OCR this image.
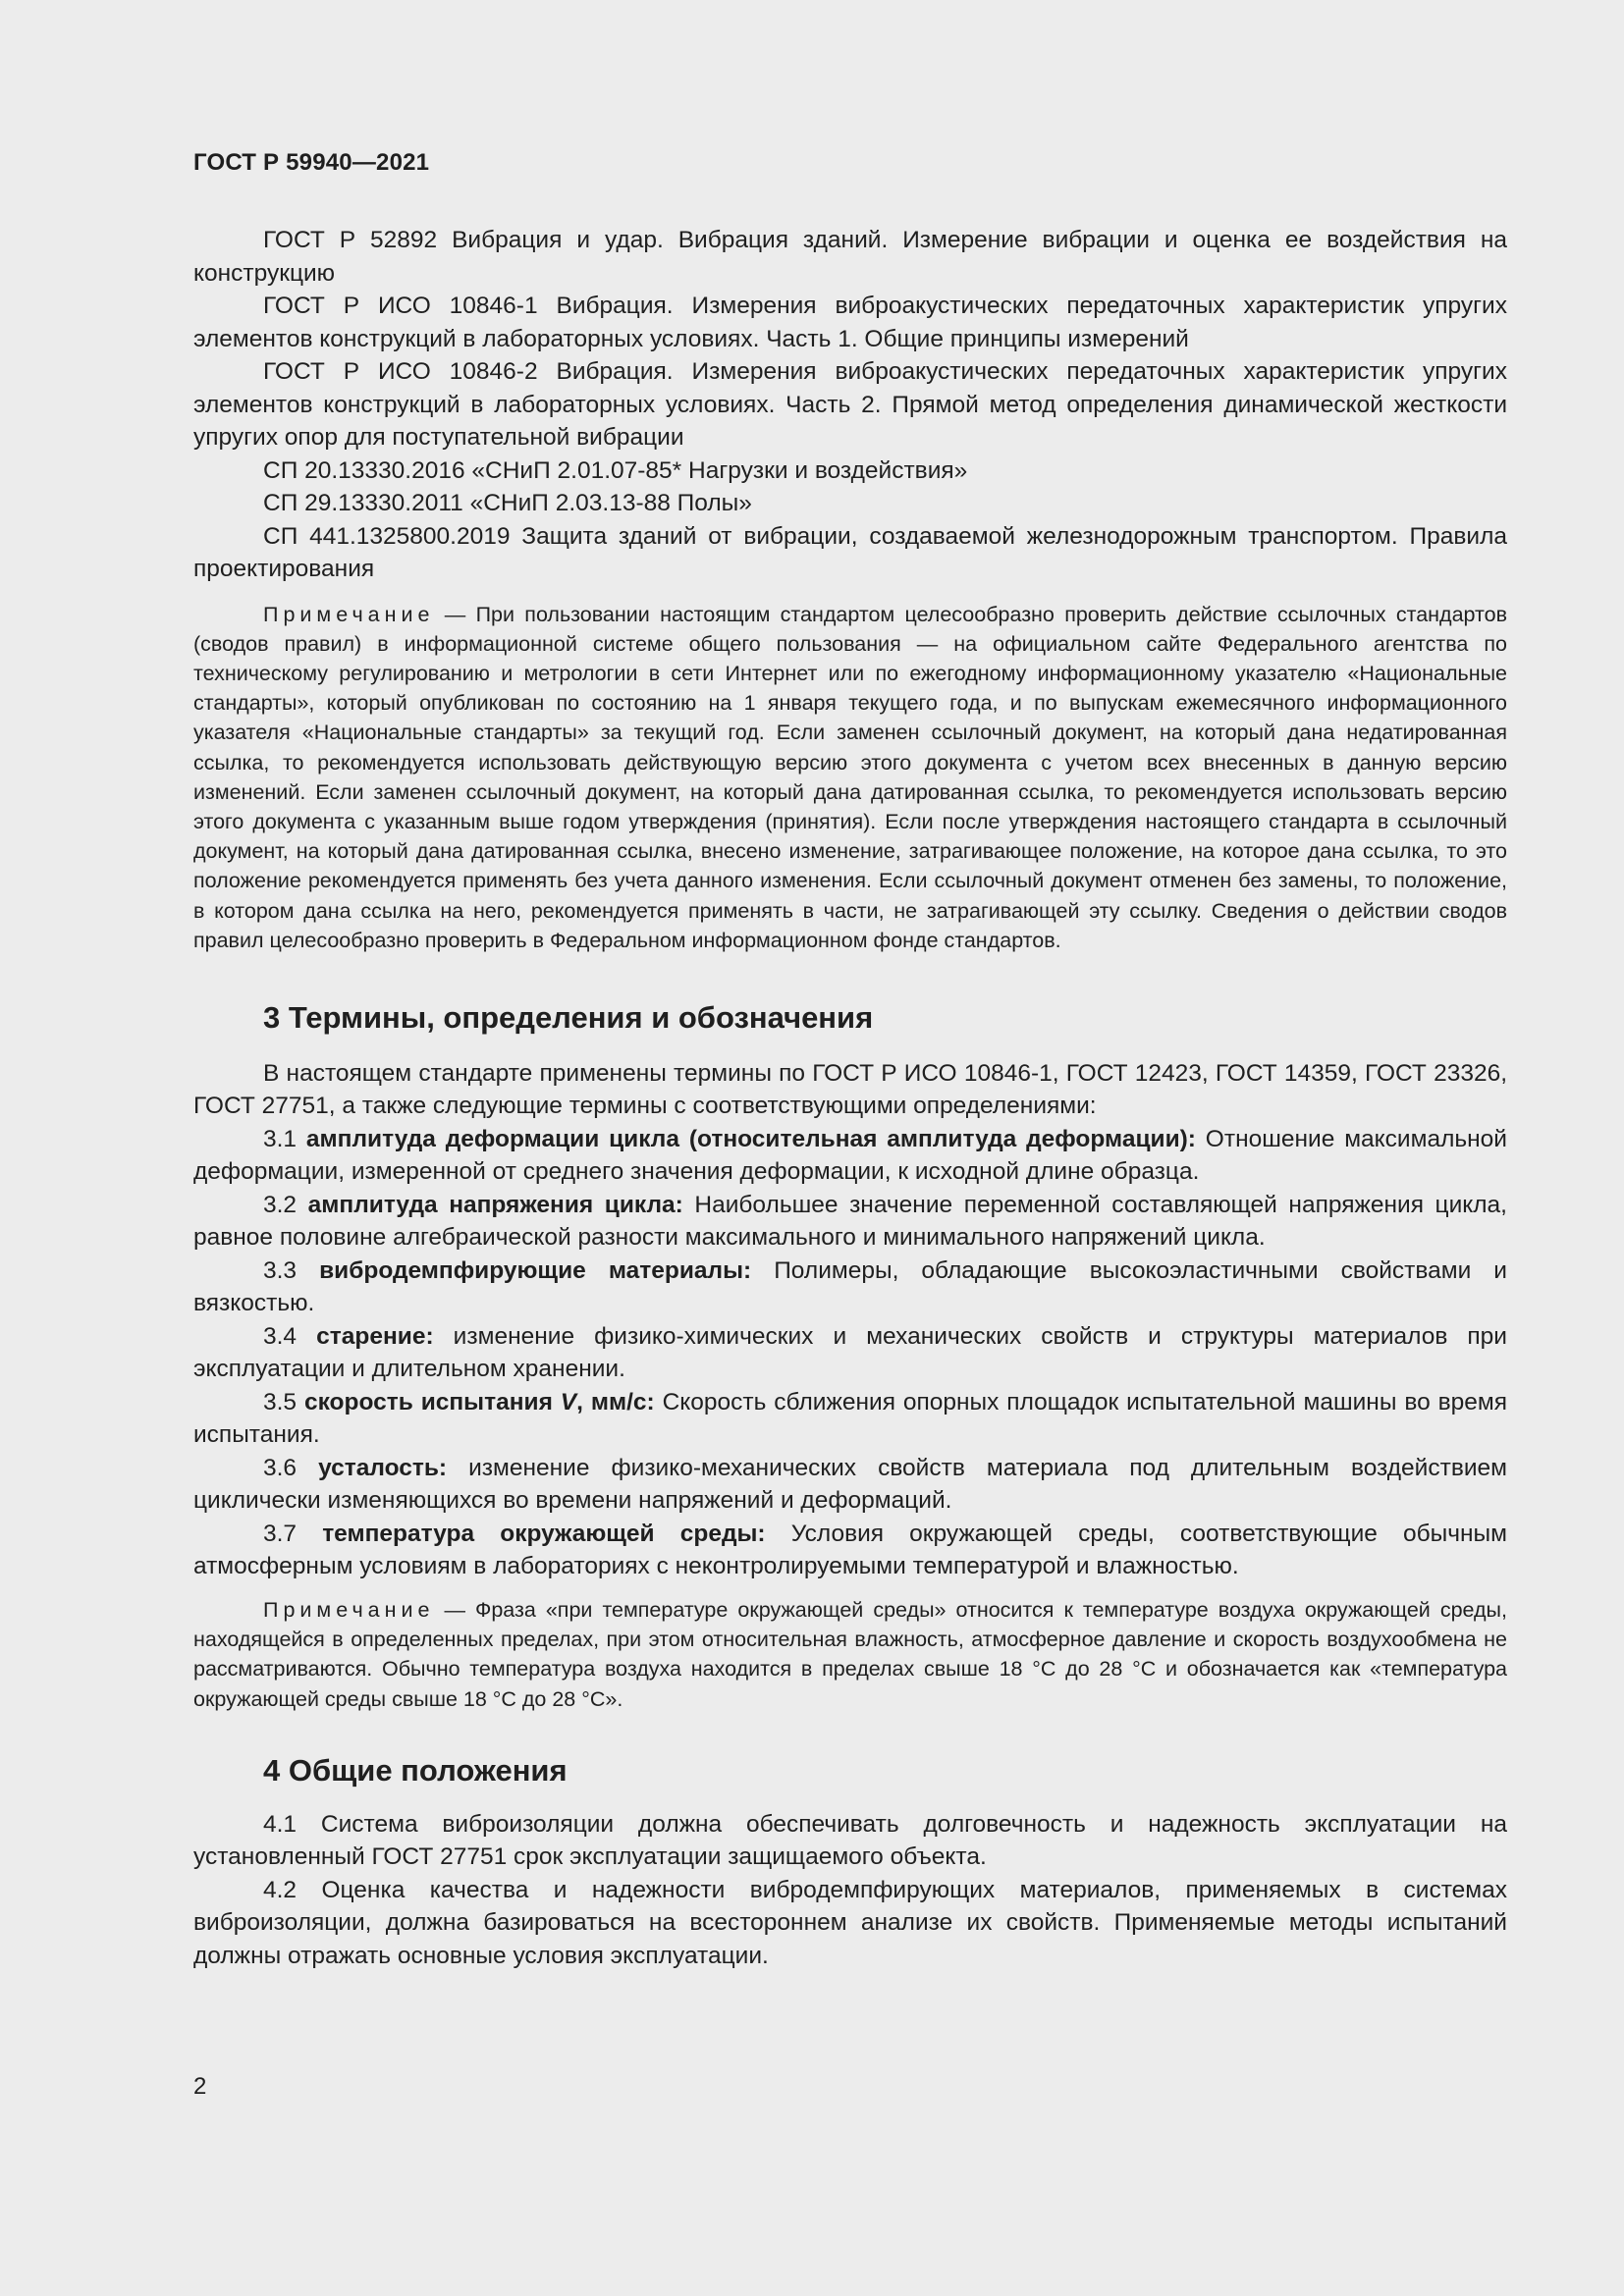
ГОСТ Р 59940—2021

ГОСТ Р 52892 Вибрация и удар. Вибрация зданий. Измерение вибрации и оценка ее воздействия на конструкцию

ГОСТ Р ИСО 10846-1 Вибрация. Измерения виброакустических передаточных характеристик упругих элементов конструкций в лабораторных условиях. Часть 1. Общие принципы измерений

ГОСТ Р ИСО 10846-2 Вибрация. Измерения виброакустических передаточных характеристик упругих элементов конструкций в лабораторных условиях. Часть 2. Прямой метод определения динамической жесткости упругих опор для поступательной вибрации

СП 20.13330.2016 «СНиП 2.01.07-85* Нагрузки и воздействия»

СП 29.13330.2011 «СНиП 2.03.13-88 Полы»

СП 441.1325800.2019 Защита зданий от вибрации, создаваемой железнодорожным транспортом. Правила проектирования

Примечание — При пользовании настоящим стандартом целесообразно проверить действие ссылочных стандартов (сводов правил) в информационной системе общего пользования — на официальном сайте Федерального агентства по техническому регулированию и метрологии в сети Интернет или по ежегодному информационному указателю «Национальные стандарты», который опубликован по состоянию на 1 января текущего года, и по выпускам ежемесячного информационного указателя «Национальные стандарты» за текущий год. Если заменен ссылочный документ, на который дана недатированная ссылка, то рекомендуется использовать действующую версию этого документа с учетом всех внесенных в данную версию изменений. Если заменен ссылочный документ, на который дана датированная ссылка, то рекомендуется использовать версию этого документа с указанным выше годом утверждения (принятия). Если после утверждения настоящего стандарта в ссылочный документ, на который дана датированная ссылка, внесено изменение, затрагивающее положение, на которое дана ссылка, то это положение рекомендуется применять без учета данного изменения. Если ссылочный документ отменен без замены, то положение, в котором дана ссылка на него, рекомендуется применять в части, не затрагивающей эту ссылку. Сведения о действии сводов правил целесообразно проверить в Федеральном информационном фонде стандартов.

3 Термины, определения и обозначения

В настоящем стандарте применены термины по ГОСТ Р ИСО 10846-1, ГОСТ 12423, ГОСТ 14359, ГОСТ 23326, ГОСТ 27751, а также следующие термины с соответствующими определениями:

3.1 амплитуда деформации цикла (относительная амплитуда деформации): Отношение максимальной деформации, измеренной от среднего значения деформации, к исходной длине образца.

3.2 амплитуда напряжения цикла: Наибольшее значение переменной составляющей напряжения цикла, равное половине алгебраической разности максимального и минимального напряжений цикла.

3.3 вибродемпфирующие материалы: Полимеры, обладающие высокоэластичными свойствами и вязкостью.

3.4 старение: изменение физико-химических и механических свойств и структуры материалов при эксплуатации и длительном хранении.

3.5 скорость испытания V, мм/с: Скорость сближения опорных площадок испытательной машины во время испытания.

3.6 усталость: изменение физико-механических свойств материала под длительным воздействием циклически изменяющихся во времени напряжений и деформаций.

3.7 температура окружающей среды: Условия окружающей среды, соответствующие обычным атмосферным условиям в лабораториях с неконтролируемыми температурой и влажностью.

Примечание — Фраза «при температуре окружающей среды» относится к температуре воздуха окружающей среды, находящейся в определенных пределах, при этом относительная влажность, атмосферное давление и скорость воздухообмена не рассматриваются. Обычно температура воздуха находится в пределах свыше 18 °С до 28 °С и обозначается как «температура окружающей среды свыше 18 °С до 28 °С».

4 Общие положения

4.1 Система виброизоляции должна обеспечивать долговечность и надежность эксплуатации на установленный ГОСТ 27751 срок эксплуатации защищаемого объекта.

4.2 Оценка качества и надежности вибродемпфирующих материалов, применяемых в системах виброизоляции, должна базироваться на всестороннем анализе их свойств. Применяемые методы испытаний должны отражать основные условия эксплуатации.

2
